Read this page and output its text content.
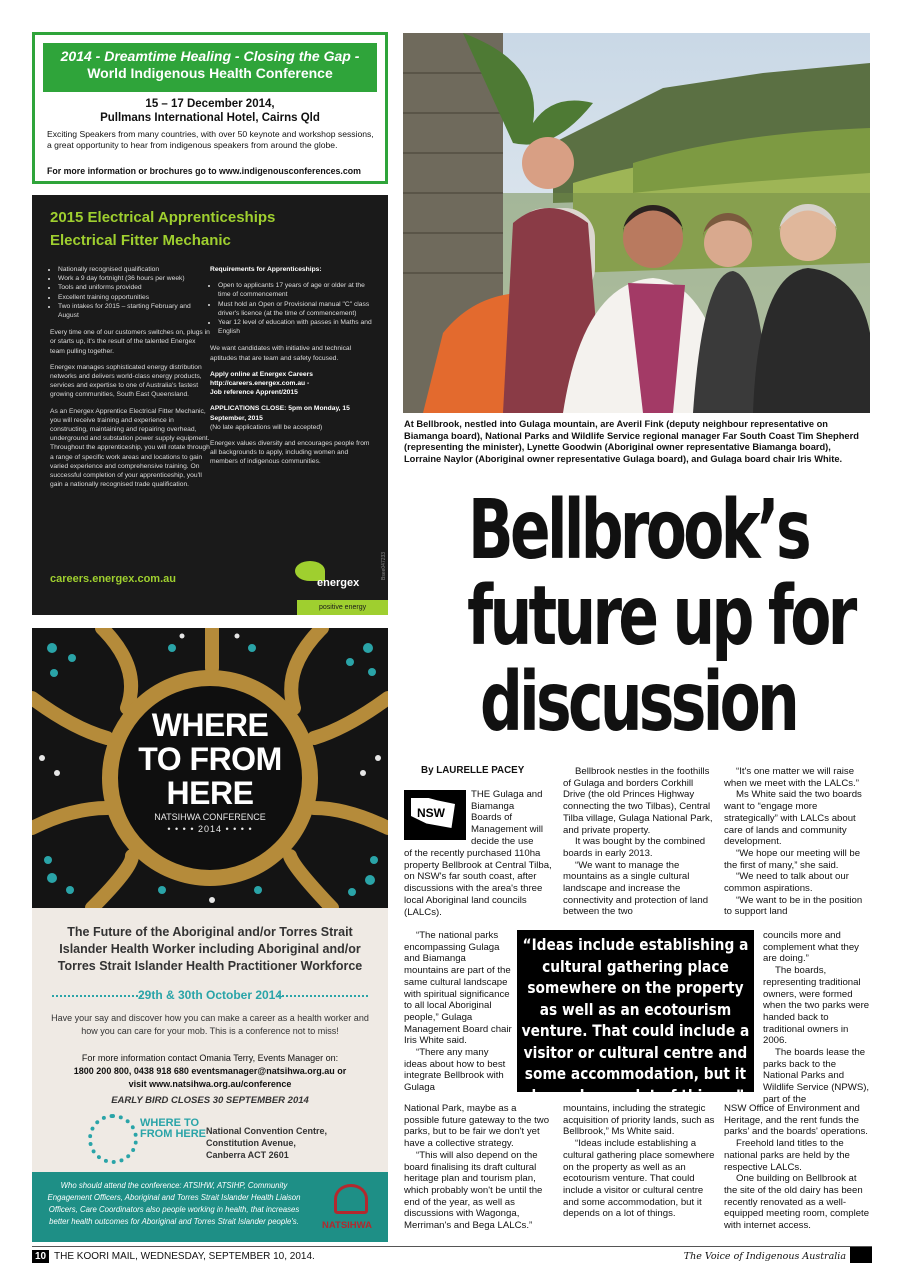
2014 - Dreamtime Healing - Closing the Gap -
World Indigenous Health Conference
15 – 17 December 2014,
Pullmans International Hotel, Cairns Qld
Exciting Speakers from many countries, with over 50 keynote and workshop sessions, a great opportunity to hear from indigenous speakers from around the globe.
For more information or brochures go to www.indigenousconferences.com
2015 Electrical Apprenticeships
Electrical Fitter Mechanic
• Nationally recognised qualification
• Work a 9 day fortnight (36 hours per week)
• Tools and uniforms provided
• Excellent training opportunities
• Two intakes for 2015 – starting February and August

Every time one of our customers switches on, plugs in or starts up, it's the result of the talented Energex team pulling together.

Energex manages sophisticated energy distribution networks and delivers world-class energy products, services and expertise to one of Australia's fastest growing communities, South East Queensland.

As an Energex Apprentice Electrical Fitter Mechanic, you will receive training and experience in constructing, maintaining and repairing overhead, underground and substation power supply equipment. Throughout the apprenticeship, you will rotate through a range of specific work areas and locations to gain varied experience and comprehensive training. On successful completion of your apprenticeship, you'll gain a nationally recognised trade qualification.

Requirements for Apprenticeships:

• Open to applicants 17 years of age or older at the time of commencement
• Must hold an Open or Provisional manual "C" class driver's licence (at the time of commencement)
• Year 12 level of education with passes in Maths and English

We want candidates with initiative and technical aptitudes that are team and safety focused.

Apply online at Energex Careers

http://careers.energex.com.au -

Job reference Apprent/2015

APPLICATIONS CLOSE: 5pm on Monday, 15 September, 2015

(No late applications will be accepted)

Energex values diversity and encourages people from all backgrounds to apply, including women and members of indigenous communities.

careers.energex.com.au	energex
positive energy
Bsee047233
WHERE
TO FROM
HERE
NATSIHWA CONFERENCE
• • • • 2014 • • • •
The Future of the Aboriginal and/or Torres Strait Islander Health Worker including Aboriginal and/or Torres Strait Islander Health Practitioner Workforce
29th & 30th October 2014
Have your say and discover how you can make a career as a health worker and how you can care for your mob. This is a conference not to miss!
For more information contact Omania Terry, Events Manager on:
1800 200 800, 0438 918 680 eventsmanager@natsihwa.org.au or
visit www.natsihwa.org.au/conference
EARLY BIRD CLOSES 30 SEPTEMBER 2014
WHERE TO
FROM HERE National Convention Centre,
Constitution Avenue,
Canberra ACT 2601
Who should attend the conference: ATSIHW, ATSIHP, Community Engagement Officers, Aboriginal and Torres Strait Islander Health Liaison Officers, Care Coordinators also people working in health, that increases better health outcomes for Aboriginal and Torres Strait Islander people's.	NATSIHWA
At Bellbrook, nestled into Gulaga mountain, are Averil Fink (deputy neighbour representative on Biamanga board), National Parks and Wildlife Service regional manager Far South Coast Tim Shepherd (representing the minister), Lynette Goodwin (Aboriginal owner representative Biamanga board), Lorraine Naylor (Aboriginal owner representative Gulaga board), and Gulaga board chair Iris White.
Bellbrook’s
future up for
discussion
By LAURELLE PACEY
NSW
THE Gulaga and
Biamanga
Boards of
Management will
decide the use

of the recently purchased 110ha property Bellbrook at Central Tilba, on NSW's far south coast, after discussions with the area's three local Aboriginal land councils (LALCs).

“The national parks encompassing Gulaga and Biamanga mountains are part of the same cultural landscape with spiritual significance to all local Aboriginal people,” Gulaga Management Board chair Iris White said.

“There any many ideas about how to best integrate Bellbrook with Gulaga

National Park, maybe as a possible future gateway to the two parks, but to be fair we don't yet have a collective strategy.

“This will also depend on the board finalising its draft cultural heritage plan and tourism plan, which probably won't be until the end of the year, as well as discussions with Wagonga, Merriman's and Bega LALCs.”

Bellbrook nestles in the foothills of Gulaga and borders Corkhill Drive (the old Princes Highway connecting the two Tilbas), Central Tilba village, Gulaga National Park, and private property.

It was bought by the combined boards in early 2013.

“We want to manage the mountains as a single cultural landscape and increase the connectivity and protection of land between the two

mountains, including the strategic acquisition of priority lands, such as Bellbrook,” Ms White said.

“Ideas include establishing a cultural gathering place somewhere on the property as well as an ecotourism venture. That could include a visitor or cultural centre and some accommodation, but it depends on a lot of things.

“It's one matter we will raise when we meet with the LALCs.”

Ms White said the two boards want to “engage more strategically” with LALCs about care of lands and community development.

“We hope our meeting will be the first of many,” she said.

“We need to talk about our common aspirations.

“We want to be in the position to support land

councils more and complement what they are doing.”

The boards, representing traditional owners, were formed when the two parks were handed back to traditional owners in 2006.

The boards lease the parks back to the National Parks and Wildlife Service (NPWS), part of the

NSW Office of Environment and Heritage, and the rent funds the parks' and the boards' operations.

Freehold land titles to the national parks are held by the respective LALCs.

One building on Bellbrook at the site of the old dairy has been recently renovated as a well-equipped meeting room, complete with internet access.

“Ideas include establishing a cultural gathering place somewhere on the property as well as an ecotourism venture. That could include a visitor or cultural centre and some accommodation, but it depends on a lot of things.”
10 THE KOORI MAIL, WEDNESDAY, SEPTEMBER 10, 2014.	The Voice of Indigenous Australia
